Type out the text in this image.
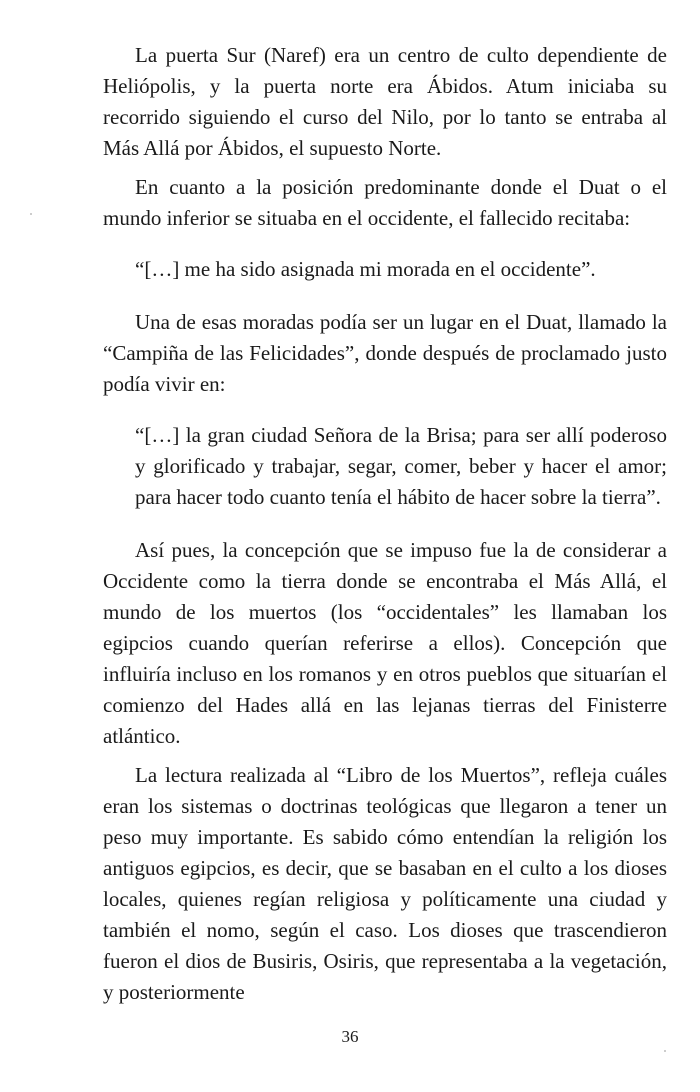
La puerta Sur (Naref) era un centro de culto dependiente de Heliópolis, y la puerta norte era Ábidos. Atum iniciaba su recorrido siguiendo el curso del Nilo, por lo tanto se entraba al Más Allá por Ábidos, el supuesto Norte.

En cuanto a la posición predominante donde el Duat o el mundo inferior se situaba en el occidente, el fallecido recitaba:

“[…] me ha sido asignada mi morada en el occidente”.

Una de esas moradas podía ser un lugar en el Duat, llamado la “Campiña de las Felicidades”, donde después de proclamado justo podía vivir en:

“[…] la gran ciudad Señora de la Brisa; para ser allí poderoso y glorificado y trabajar, segar, comer, beber y hacer el amor; para hacer todo cuanto tenía el hábito de hacer sobre la tierra”.

Así pues, la concepción que se impuso fue la de considerar a Occidente como la tierra donde se encontraba el Más Allá, el mundo de los muertos (los “occidentales” les llamaban los egipcios cuando querían referirse a ellos). Concepción que influiría incluso en los romanos y en otros pueblos que situarían el comienzo del Hades allá en las lejanas tierras del Finisterre atlántico.

La lectura realizada al “Libro de los Muertos”, refleja cuáles eran los sistemas o doctrinas teológicas que llegaron a tener un peso muy importante. Es sabido cómo entendían la religión los antiguos egipcios, es decir, que se basaban en el culto a los dioses locales, quienes regían religiosa y políticamente una ciudad y también el nomo, según el caso. Los dioses que trascendieron fueron el dios de Busiris, Osiris, que representaba a la vegetación, y posteriormente

36
